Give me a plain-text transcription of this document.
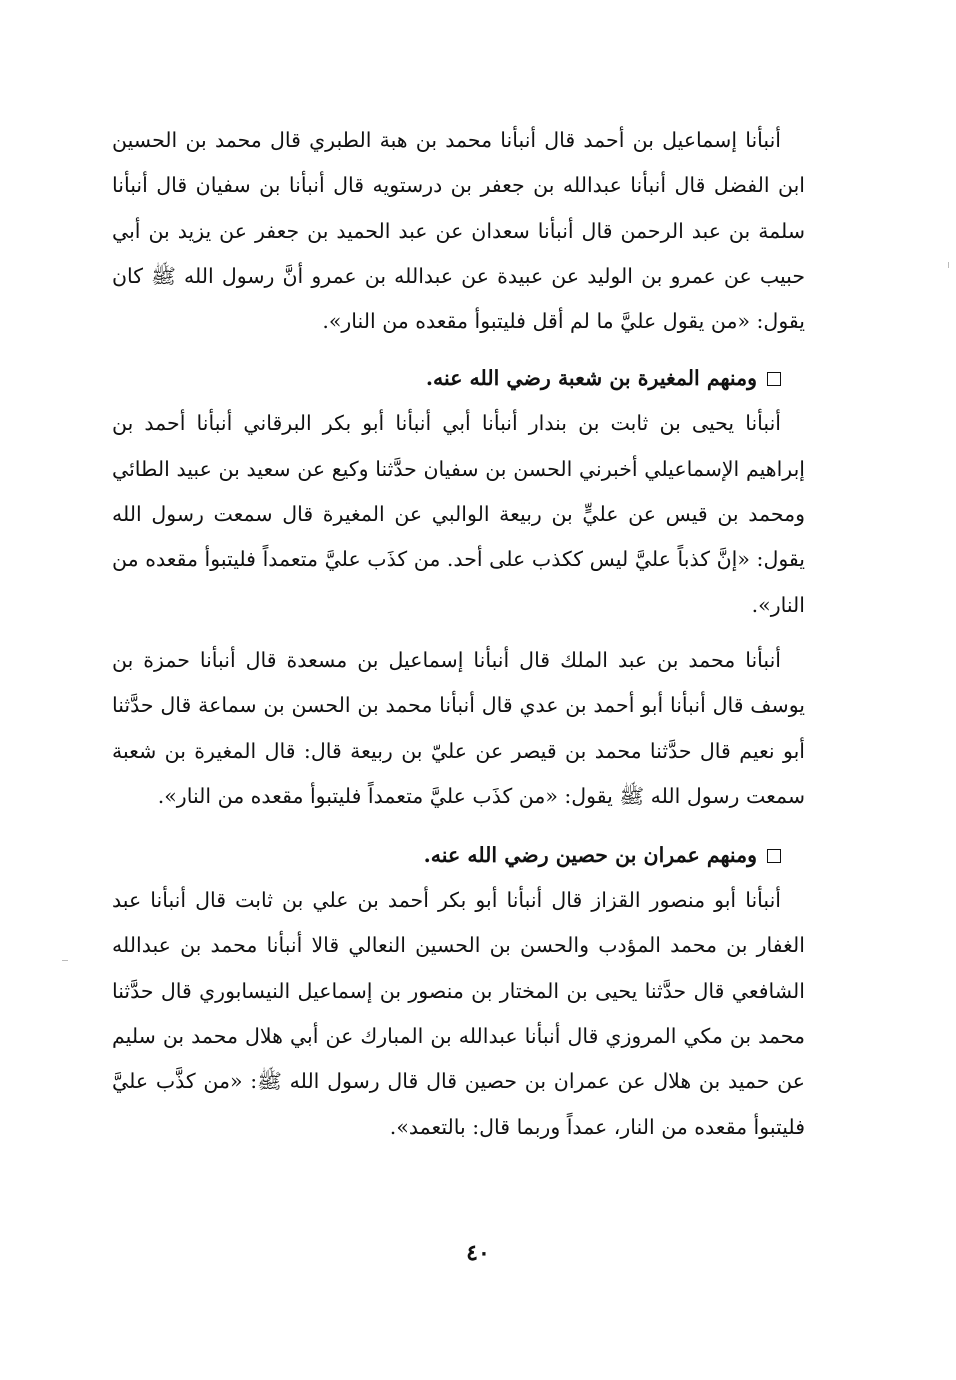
أنبأنا إسماعيل بن أحمد قال أنبأنا محمد بن هبة الطبري قال محمد بن الحسين ابن الفضل قال أنبأنا عبدالله بن جعفر بن درستويه قال أنبأنا بن سفيان قال أنبأنا سلمة بن عبد الرحمن قال أنبأنا سعدان عن عبد الحميد بن جعفر عن يزيد بن أبي حبيب عن عمرو بن الوليد عن عبيدة عن عبدالله بن عمرو أنَّ رسول الله ﷺ كان يقول: «من يقول عليَّ ما لم أقل فليتبوأ مقعده من النار».

ومنهم المغيرة بن شعبة رضي الله عنه.

أنبأنا يحيى بن ثابت بن بندار أنبأنا أبي أنبأنا أبو بكر البرقاني أنبأنا أحمد بن إبراهيم الإسماعيلي أخبرني الحسن بن سفيان حدَّثنا وكيع عن سعيد بن عبيد الطائي ومحمد بن قيس عن عليٍّ بن ربيعة الوالبي عن المغيرة قال سمعت رسول الله يقول: «إنَّ كذباً عليَّ ليس ككذب على أحد. من كذَب عليَّ متعمداً فليتبوأ مقعده من النار».

أنبأنا محمد بن عبد الملك قال أنبأنا إسماعيل بن مسعدة قال أنبأنا حمزة بن يوسف قال أنبأنا أبو أحمد بن عدي قال أنبأنا محمد بن الحسن بن سماعة قال حدَّثنا أبو نعيم قال حدَّثنا محمد بن قيصر عن عليّ بن ربيعة قال: قال المغيرة بن شعبة سمعت رسول الله ﷺ يقول: «من كذَب عليَّ متعمداً فليتبوأ مقعده من النار».

ومنهم عمران بن حصين رضي الله عنه.

أنبأنا أبو منصور القزاز قال أنبأنا أبو بكر أحمد بن علي بن ثابت قال أنبأنا عبد الغفار بن محمد المؤدب والحسن بن الحسين النعالي قالا أنبأنا محمد بن عبدالله الشافعي قال حدَّثنا يحيى بن المختار بن منصور بن إسماعيل النيسابوري قال حدَّثنا محمد بن مكي المروزي قال أنبأنا عبدالله بن المبارك عن أبي هلال محمد بن سليم عن حميد بن هلال عن عمران بن حصين قال قال رسول الله ﷺ: «من كذَّب عليَّ فليتبوأ مقعده من النار، عمداً وربما قال: بالتعمد».

٤٠
